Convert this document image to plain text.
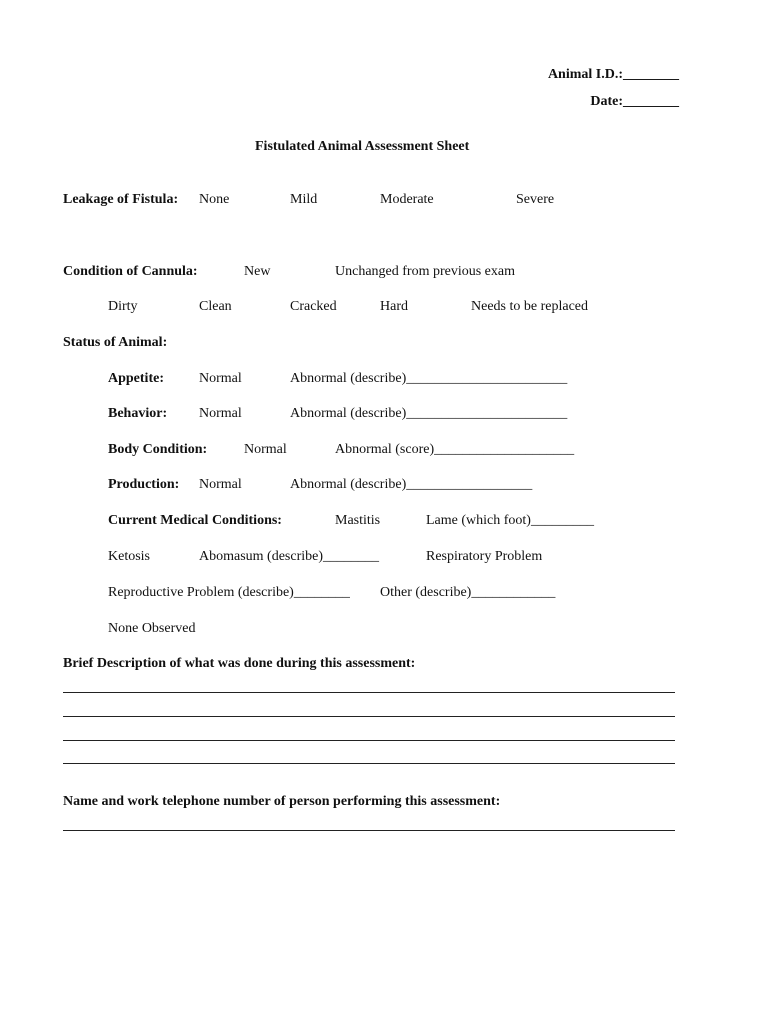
Animal I.D.:________
Date:________
Fistulated Animal Assessment Sheet
Leakage of Fistula: None	Mild	Moderate	Severe
Condition of Cannula:	New	Unchanged from previous exam
Dirty	Clean	Cracked	Hard	Needs to be replaced
Status of Animal:
Appetite:	Normal	Abnormal (describe)_______________________
Behavior: Normal	Abnormal (describe)_______________________
Body Condition:	Normal	Abnormal (score)____________________
Production: Normal	Abnormal (describe)__________________
Current Medical Conditions:	Mastitis	Lame (which foot)_________
Ketosis	Abomasum (describe)________	Respiratory Problem
Reproductive Problem (describe)________ Other (describe)____________
None Observed
Brief Description of what was done during this assessment:
Name and work telephone number of person performing this assessment:
